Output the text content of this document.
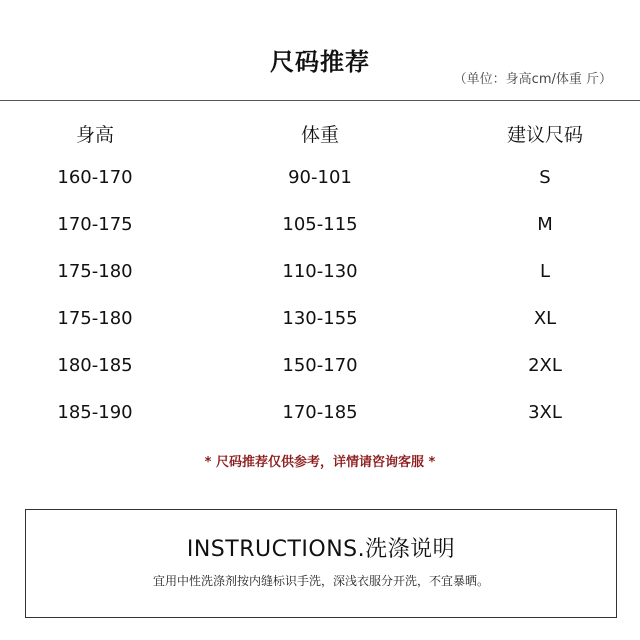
尺码推荐
（单位：身高cm/体重 斤）
身高	体重	建议尺码
160-170	90-101	S
170-175	105-115	M
175-180	110-130	L
175-180	130-155	XL
180-185	150-170	2XL
185-190	170-185	3XL
* 尺码推荐仅供参考，详情请咨询客服 *
INSTRUCTIONS.洗涤说明
宜用中性洗涤剂按内缝标识手洗，深浅衣服分开洗，不宜暴晒。
